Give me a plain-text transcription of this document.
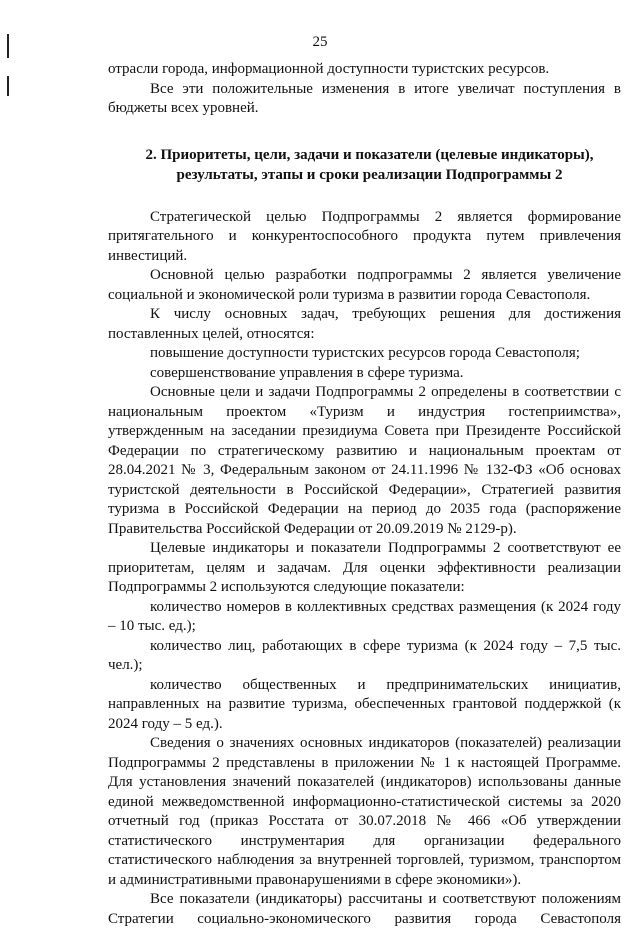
25

отрасли города, информационной доступности туристских ресурсов.

Все эти положительные изменения в итоге увеличат поступления в бюджеты всех уровней.

2. Приоритеты, цели, задачи и показатели (целевые индикаторы),
результаты, этапы и сроки реализации Подпрограммы 2

Стратегической целью Подпрограммы 2 является формирование притягательного и конкурентоспособного продукта путем привлечения инвестиций.

Основной целью разработки подпрограммы 2 является увеличение социальной и экономической роли туризма в развитии города Севастополя.

К числу основных задач, требующих решения для достижения поставленных целей, относятся:

повышение доступности туристских ресурсов города Севастополя;

совершенствование управления в сфере туризма.

Основные цели и задачи Подпрограммы 2 определены в соответствии с национальным проектом «Туризм и индустрия гостеприимства», утвержденным на заседании президиума Совета при Президенте Российской Федерации по стратегическому развитию и национальным проектам от 28.04.2021 № 3, Федеральным законом от 24.11.1996 № 132-ФЗ «Об основах туристской деятельности в Российской Федерации», Стратегией развития туризма в Российской Федерации на период до 2035 года (распоряжение Правительства Российской Федерации от 20.09.2019 № 2129-р).

Целевые индикаторы и показатели Подпрограммы 2 соответствуют ее приоритетам, целям и задачам. Для оценки эффективности реализации Подпрограммы 2 используются следующие показатели:

количество номеров в коллективных средствах размещения (к 2024 году – 10 тыс. ед.);

количество лиц, работающих в сфере туризма (к 2024 году – 7,5 тыс. чел.);

количество общественных и предпринимательских инициатив, направленных на развитие туризма, обеспеченных грантовой поддержкой (к 2024 году – 5 ед.).

Сведения о значениях основных индикаторов (показателей) реализации Подпрограммы 2 представлены в приложении № 1 к настоящей Программе. Для установления значений показателей (индикаторов) использованы данные единой межведомственной информационно-статистической системы за 2020 отчетный год (приказ Росстата от 30.07.2018 № 466 «Об утверждении статистического инструментария для организации федерального статистического наблюдения за внутренней торговлей, туризмом, транспортом и административными правонарушениями в сфере экономики»).

Все показатели (индикаторы) рассчитаны и соответствуют положениям Стратегии социально-экономического развития города Севастополя
